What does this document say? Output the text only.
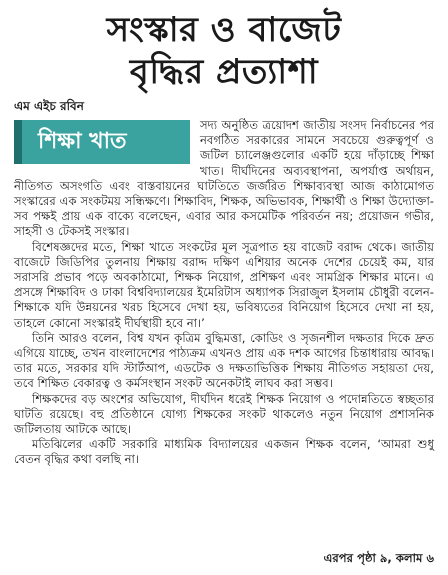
সংস্কার ও বাজেট
বৃদ্ধির প্রত্যাশা
এম এইচ রবিন
শিক্ষা খাত

সদ্য অনুষ্ঠিত ত্রয়োদশ জাতীয় সংসদ নির্বাচনের পর নবগঠিত সরকারের সামনে সবচেয়ে গুরুত্বপূর্ণ ও জটিল চ্যালেঞ্জগুলোর একটি হয়ে দাঁড়াচ্ছে শিক্ষা খাত। দীর্ঘদিনের অব্যবস্থাপনা, অপর্যাপ্ত অর্থায়ন, নীতিগত অসংগতি এবং বাস্তবায়নের ঘাটতিতে জর্জরিত শিক্ষাব্যবস্থা আজ কাঠামোগত সংস্কারের এক সংকটময় সন্ধিক্ষণে। শিক্ষাবিদ, শিক্ষক, অভিভাবক, শিক্ষার্থী ও শিক্ষা উদ্যোক্তা- সব পক্ষই প্রায় এক বাক্যে বলেছেন, এবার আর কসমেটিক পরিবর্তন নয়; প্রয়োজন গভীর, সাহসী ও টেকসই সংস্কার।

বিশেষজ্ঞদের মতে, শিক্ষা খাতে সংকটের মূল সূত্রপাত হয় বাজেট বরাদ্দ থেকে। জাতীয় বাজেটে জিডিপির তুলনায় শিক্ষায় বরাদ্দ দক্ষিণ এশিয়ার অনেক দেশের চেয়েই কম, যার সরাসরি প্রভাব পড়ে অবকাঠামো, শিক্ষক নিয়োগ, প্রশিক্ষণ এবং সামগ্রিক শিক্ষার মানে। এ প্রসঙ্গে শিক্ষাবিদ ও ঢাকা বিশ্ববিদ্যালয়ের ইমেরিটাস অধ্যাপক সিরাজুল ইসলাম চৌধুরী বলেন- শিক্ষাকে যদি উন্নয়নের খরচ হিসেবে দেখা হয়, ভবিষ্যতের বিনিয়োগ হিসেবে দেখা না হয়, তাহলে কোনো সংস্কারই দীর্ঘস্থায়ী হবে না।’

তিনি আরও বলেন, বিশ্ব যখন কৃত্রিম বুদ্ধিমত্তা, কোডিং ও সৃজনশীল দক্ষতার দিকে দ্রুত এগিয়ে যাচ্ছে, তখন বাংলাদেশের পাঠ্যক্রম এখনও প্রায় এক দশক আগের চিন্তাধারায় আবদ্ধ। তার মতে, সরকার যদি স্টার্টআপ, এডটেক ও দক্ষতাভিত্তিক শিক্ষায় নীতিগত সহায়তা দেয়, তবে শিক্ষিত বেকারত্ব ও কর্মসংস্থান সংকট অনেকটাই লাঘব করা সম্ভব।

শিক্ষকদের বড় অংশের অভিযোগ, দীর্ঘদিন ধরেই শিক্ষক নিয়োগ ও পদোন্নতিতে স্বচ্ছতার ঘাটতি রয়েছে। বহু প্রতিষ্ঠানে যোগ্য শিক্ষকের সংকট থাকলেও নতুন নিয়োগ প্রশাসনিক জটিলতায় আটকে আছে।

মতিঝিলের একটি সরকারি মাধ্যমিক বিদ্যালয়ের একজন শিক্ষক বলেন, ‘আমরা শুধু বেতন বৃদ্ধির কথা বলছি না।

এরপর পৃষ্ঠা ৯, কলাম ৬
